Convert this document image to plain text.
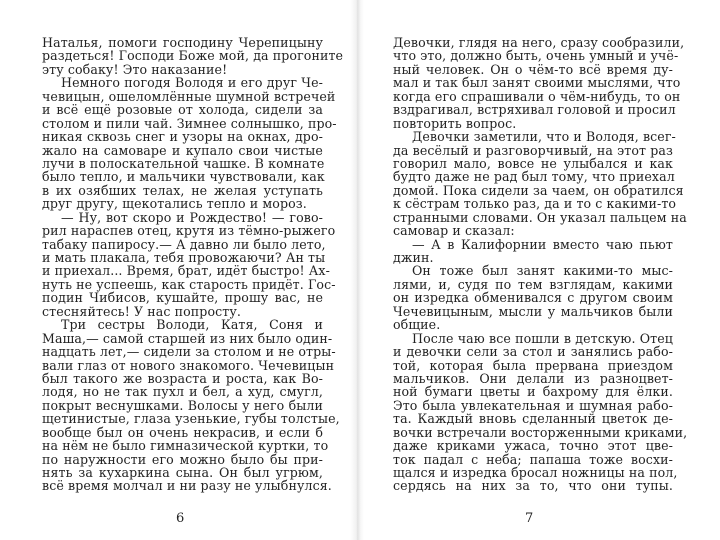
Наталья, помоги господину Черепицыну
раздеться! Господи Боже мой, да прогоните
эту собаку! Это наказание!
Немного погодя Володя и его друг Че-
чевицын, ошеломлённые шумной встречей
и всё ещё розовые от холода, сидели за
столом и пили чай. Зимнее солнышко, про-
никая сквозь снег и узоры на окнах, дро-
жало на самоваре и купало свои чистые
лучи в полоскательной чашке. В комнате
было тепло, и мальчики чувствовали, как
в их озябших телах, не желая уступать
друг другу, щекотались тепло и мороз.
— Ну, вот скоро и Рождество! — гово-
рил нараспев отец, крутя из тёмно-рыжего
табаку папиросу.— А давно ли было лето,
и мать плакала, тебя провожаючи? Ан ты
и приехал... Время, брат, идёт быстро! Ах-
нуть не успеешь, как старость придёт. Гос-
подин Чибисов, кушайте, прошу вас, не
стесняйтесь! У нас попросту.
Три сестры Володи, Катя, Соня и
Маша,— самой старшей из них было один-
надцать лет,— сидели за столом и не отры-
вали глаз от нового знакомого. Чечевицын
был такого же возраста и роста, как Во-
лодя, но не так пухл и бел, а худ, смугл,
покрыт веснушками. Волосы у него были
щетинистые, глаза узенькие, губы толстые,
вообще был он очень некрасив, и если б
на нём не было гимназической куртки, то
по наружности его можно было бы при-
нять за кухаркина сына. Он был угрюм,
всё время молчал и ни разу не улыбнулся.
6
Девочки, глядя на него, сразу сообразили,
что это, должно быть, очень умный и учё-
ный человек. Он о чём-то всё время ду-
мал и так был занят своими мыслями, что
когда его спрашивали о чём-нибудь, то он
вздрагивал, встряхивал головой и просил
повторить вопрос.
Девочки заметили, что и Володя, всег-
да весёлый и разговорчивый, на этот раз
говорил мало, вовсе не улыбался и как
будто даже не рад был тому, что приехал
домой. Пока сидели за чаем, он обратился
к сёстрам только раз, да и то с какими-то
странными словами. Он указал пальцем на
самовар и сказал:
— А в Калифорнии вместо чаю пьют
джин.
Он тоже был занят какими-то мыс-
лями, и, судя по тем взглядам, какими
он изредка обменивался с другом своим
Чечевицыным, мысли у мальчиков были
общие.
После чаю все пошли в детскую. Отец
и девочки сели за стол и занялись рабо-
той, которая была прервана приездом
мальчиков. Они делали из разноцвет-
ной бумаги цветы и бахрому для ёлки.
Это была увлекательная и шумная рабо-
та. Каждый вновь сделанный цветок де-
вочки встречали восторженными криками,
даже криками ужаса, точно этот цве-
ток падал с неба; папаша тоже восхи-
щался и изредка бросал ножницы на пол,
сердясь на них за то, что они тупы.
7
